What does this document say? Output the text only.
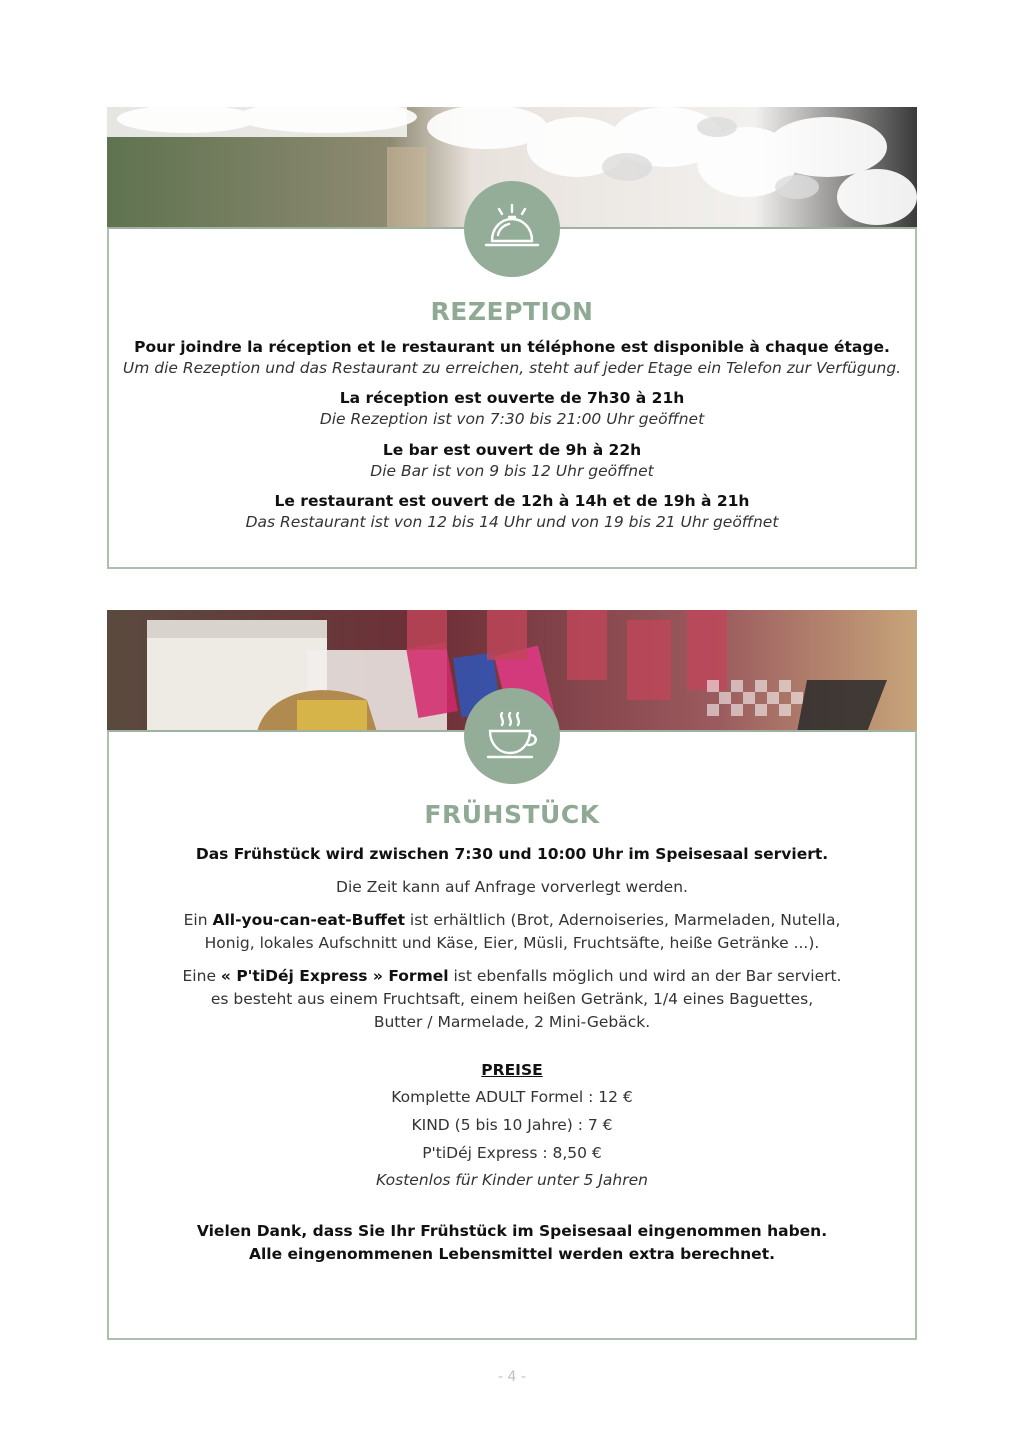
REZEPTION
Pour joindre la réception et le restaurant un téléphone est disponible à chaque étage.
Um die Rezeption und das Restaurant zu erreichen, steht auf jeder Etage ein Telefon zur Verfügung.
La réception est ouverte de 7h30 à 21h
Die Rezeption ist von 7:30 bis 21:00 Uhr geöffnet
Le bar est ouvert de 9h à 22h
Die Bar ist von 9 bis 12 Uhr geöffnet
Le restaurant est ouvert de 12h à 14h et de 19h à 21h
Das Restaurant ist von 12 bis 14 Uhr und von 19 bis 21 Uhr geöffnet
FRÜHSTÜCK
Das Frühstück wird zwischen 7:30 und 10:00 Uhr im Speisesaal serviert.
Die Zeit kann auf Anfrage vorverlegt werden.
Ein All-you-can-eat-Buffet ist erhältlich (Brot, Adernoiseries, Marmeladen, Nutella,
Honig, lokales Aufschnitt und Käse, Eier, Müsli, Fruchtsäfte, heiße Getränke ...).
Eine « P'tiDéj Express » Formel ist ebenfalls möglich und wird an der Bar serviert.
es besteht aus einem Fruchtsaft, einem heißen Getränk, 1/4 eines Baguettes,
Butter / Marmelade, 2 Mini-Gebäck.
PREISE
Komplette ADULT Formel : 12 €
KIND (5 bis 10 Jahre) : 7 €
P'tiDéj Express : 8,50 €
Kostenlos für Kinder unter 5 Jahren
Vielen Dank, dass Sie Ihr Frühstück im Speisesaal eingenommen haben.
Alle eingenommenen Lebensmittel werden extra berechnet.
- 4 -
